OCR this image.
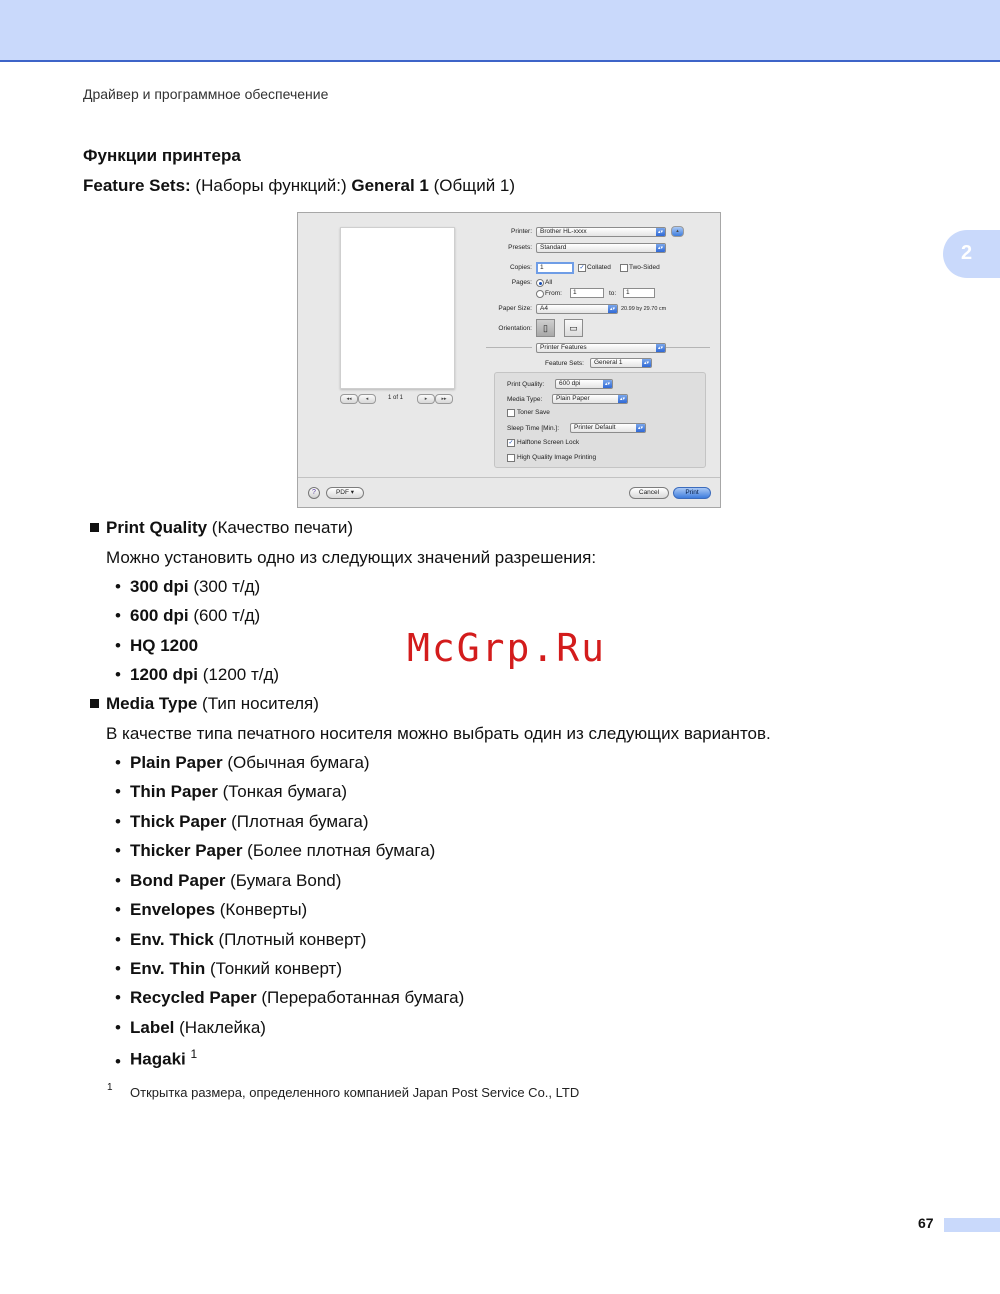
Драйвер и программное обеспечение
2
Функции принтера
Feature Sets: (Наборы функций:) General 1 (Общий 1)
◂◂	◂	1 of 1	▸	▸▸
Printer:	Brother HL-xxxx	▴▾	▴
Presets:	Standard	▴▾
Copies:	1	✓ Collated	Two-Sided
Pages: All
From:	1	to:	1
Paper Size:	A4	▴▾	20.99 by 29.70 cm
Orientation:	▯	▭
Printer Features	▴▾
Feature Sets:	General 1	▴▾
Print Quality:	600 dpi	▴▾
Media Type:	Plain Paper	▴▾
Toner Save
Sleep Time [Min.]:	Printer Default	▴▾
✓ Halftone Screen Lock
High Quality Image Printing
?	PDF ▾	Cancel	Print
Print Quality (Качество печати)
Можно установить одно из следующих значений разрешения:
• 300 dpi (300 т/д)
• 600 dpi (600 т/д)
• HQ 1200
• 1200 dpi (1200 т/д)
McGrp.Ru
Media Type (Тип носителя)
В качестве типа печатного носителя можно выбрать один из следующих вариантов.
• Plain Paper (Обычная бумага)
• Thin Paper (Тонкая бумага)
• Thick Paper (Плотная бумага)
• Thicker Paper (Более плотная бумага)
• Bond Paper (Бумага Bond)
• Envelopes (Конверты)
• Env. Thick (Плотный конверт)
• Env. Thin (Тонкий конверт)
• Recycled Paper (Переработанная бумага)
• Label (Наклейка)
• Hagaki $^1$
1 Открытка размера, определенного компанией Japan Post Service Co., LTD
67
